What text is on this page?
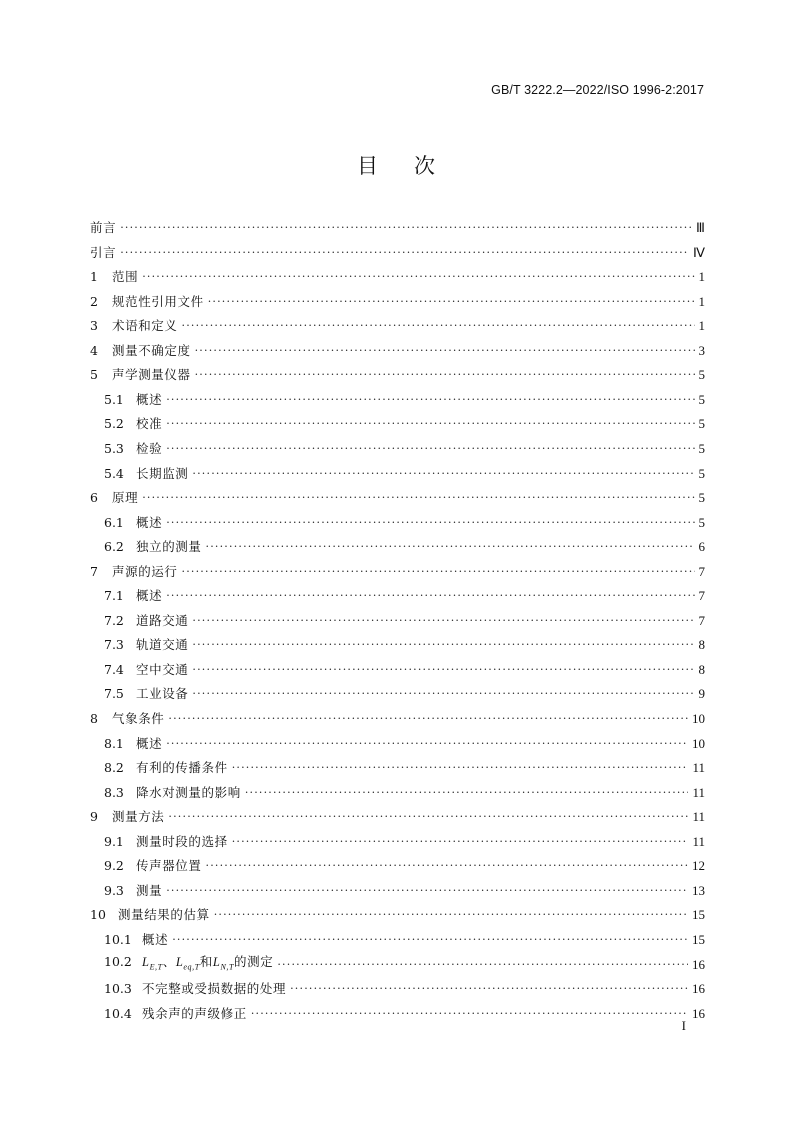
GB/T 3222.2—2022/ISO 1996-2:2017
目 次
前言 ·····	Ⅲ
引言 ·····	Ⅳ
1 范围 ·····	1
2 规范性引用文件 ·····	1
3 术语和定义 ·····	1
4 测量不确定度 ·····	3
5 声学测量仪器 ·····	5
5.1 概述 ·····	5
5.2 校准 ·····	5
5.3 检验 ·····	5
5.4 长期监测 ·····	5
6 原理 ·····	5
6.1 概述 ·····	5
6.2 独立的测量 ·····	6
7 声源的运行 ·····	7
7.1 概述 ·····	7
7.2 道路交通 ·····	7
7.3 轨道交通 ·····	8
7.4 空中交通 ·····	8
7.5 工业设备 ·····	9
8 气象条件 ·····	10
8.1 概述 ·····	10
8.2 有利的传播条件 ·····	11
8.3 降水对测量的影响 ·····	11
9 测量方法 ·····	11
9.1 测量时段的选择 ·····	11
9.2 传声器位置 ·····	12
9.3 测量 ·····	13
10 测量结果的估算 ·····	15
10.1 概述 ·····	15
10.2 $L_{E,T}$、$L_{eq,T}$和$L_{N,T}$的测定 ·····	16
10.3 不完整或受损数据的处理 ·····	16
10.4 残余声的声级修正 ·····	16
I
